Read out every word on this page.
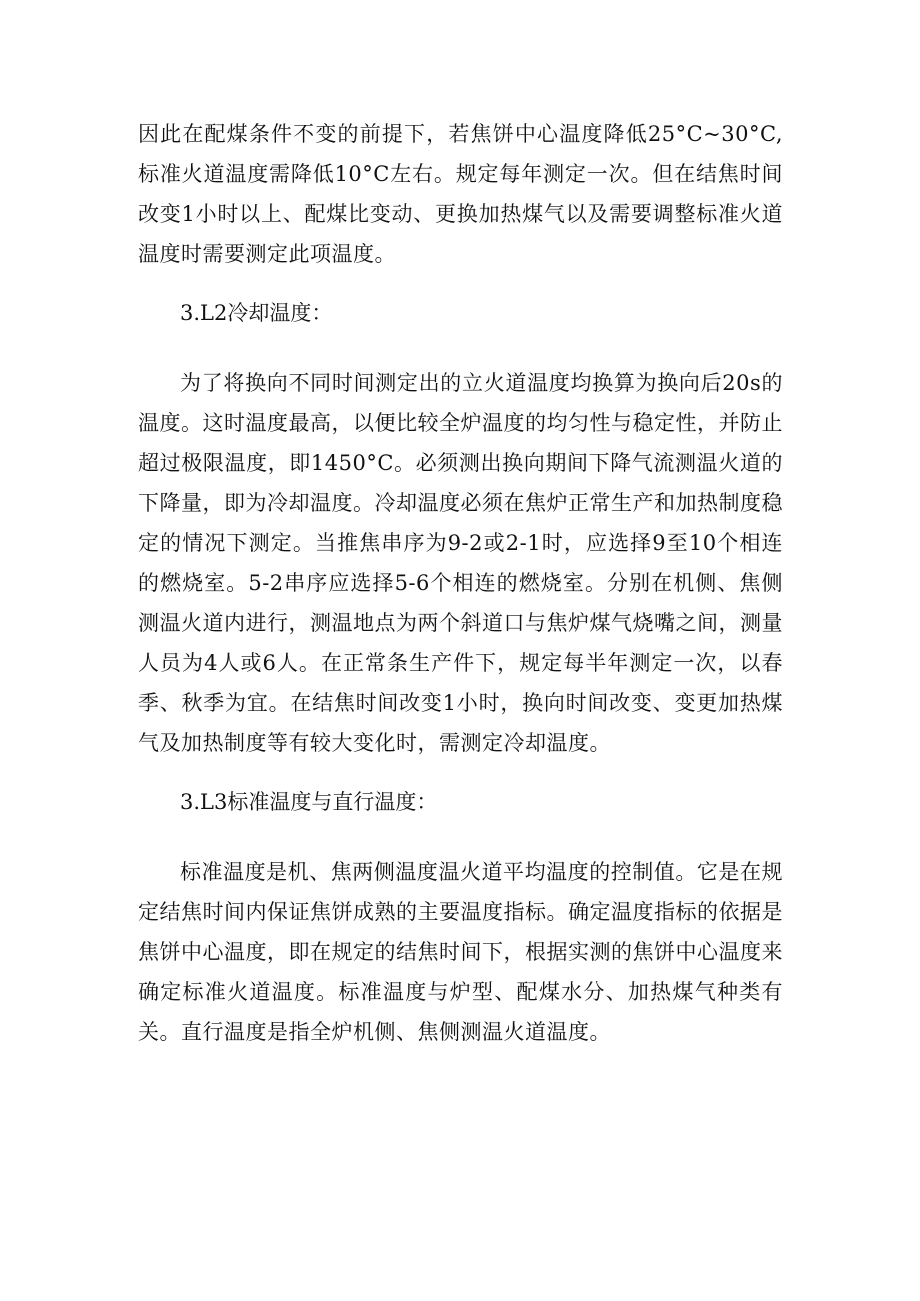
因此在配煤条件不变的前提下，若焦饼中心温度降低25°C~30°C,标准火道温度需降低10°C左右。规定每年测定一次。但在结焦时间改变1小时以上、配煤比变动、更换加热煤气以及需要调整标准火道温度时需要测定此项温度。

3.L2冷却温度：

为了将换向不同时间测定出的立火道温度均换算为换向后20s的温度。这时温度最高，以便比较全炉温度的均匀性与稳定性，并防止超过极限温度，即1450°C。必须测出换向期间下降气流测温火道的下降量，即为冷却温度。冷却温度必须在焦炉正常生产和加热制度稳定的情况下测定。当推焦串序为9-2或2-1时，应选择9至10个相连的燃烧室。5-2串序应选择5-6个相连的燃烧室。分别在机侧、焦侧测温火道内进行，测温地点为两个斜道口与焦炉煤气烧嘴之间，测量人员为4人或6人。在正常条生产件下，规定每半年测定一次，以春季、秋季为宜。在结焦时间改变1小时，换向时间改变、变更加热煤气及加热制度等有较大变化时，需测定冷却温度。

3.L3标准温度与直行温度：

标准温度是机、焦两侧温度温火道平均温度的控制值。它是在规定结焦时间内保证焦饼成熟的主要温度指标。确定温度指标的依据是焦饼中心温度，即在规定的结焦时间下，根据实测的焦饼中心温度来确定标准火道温度。标准温度与炉型、配煤水分、加热煤气种类有关。直行温度是指全炉机侧、焦侧测温火道温度。
